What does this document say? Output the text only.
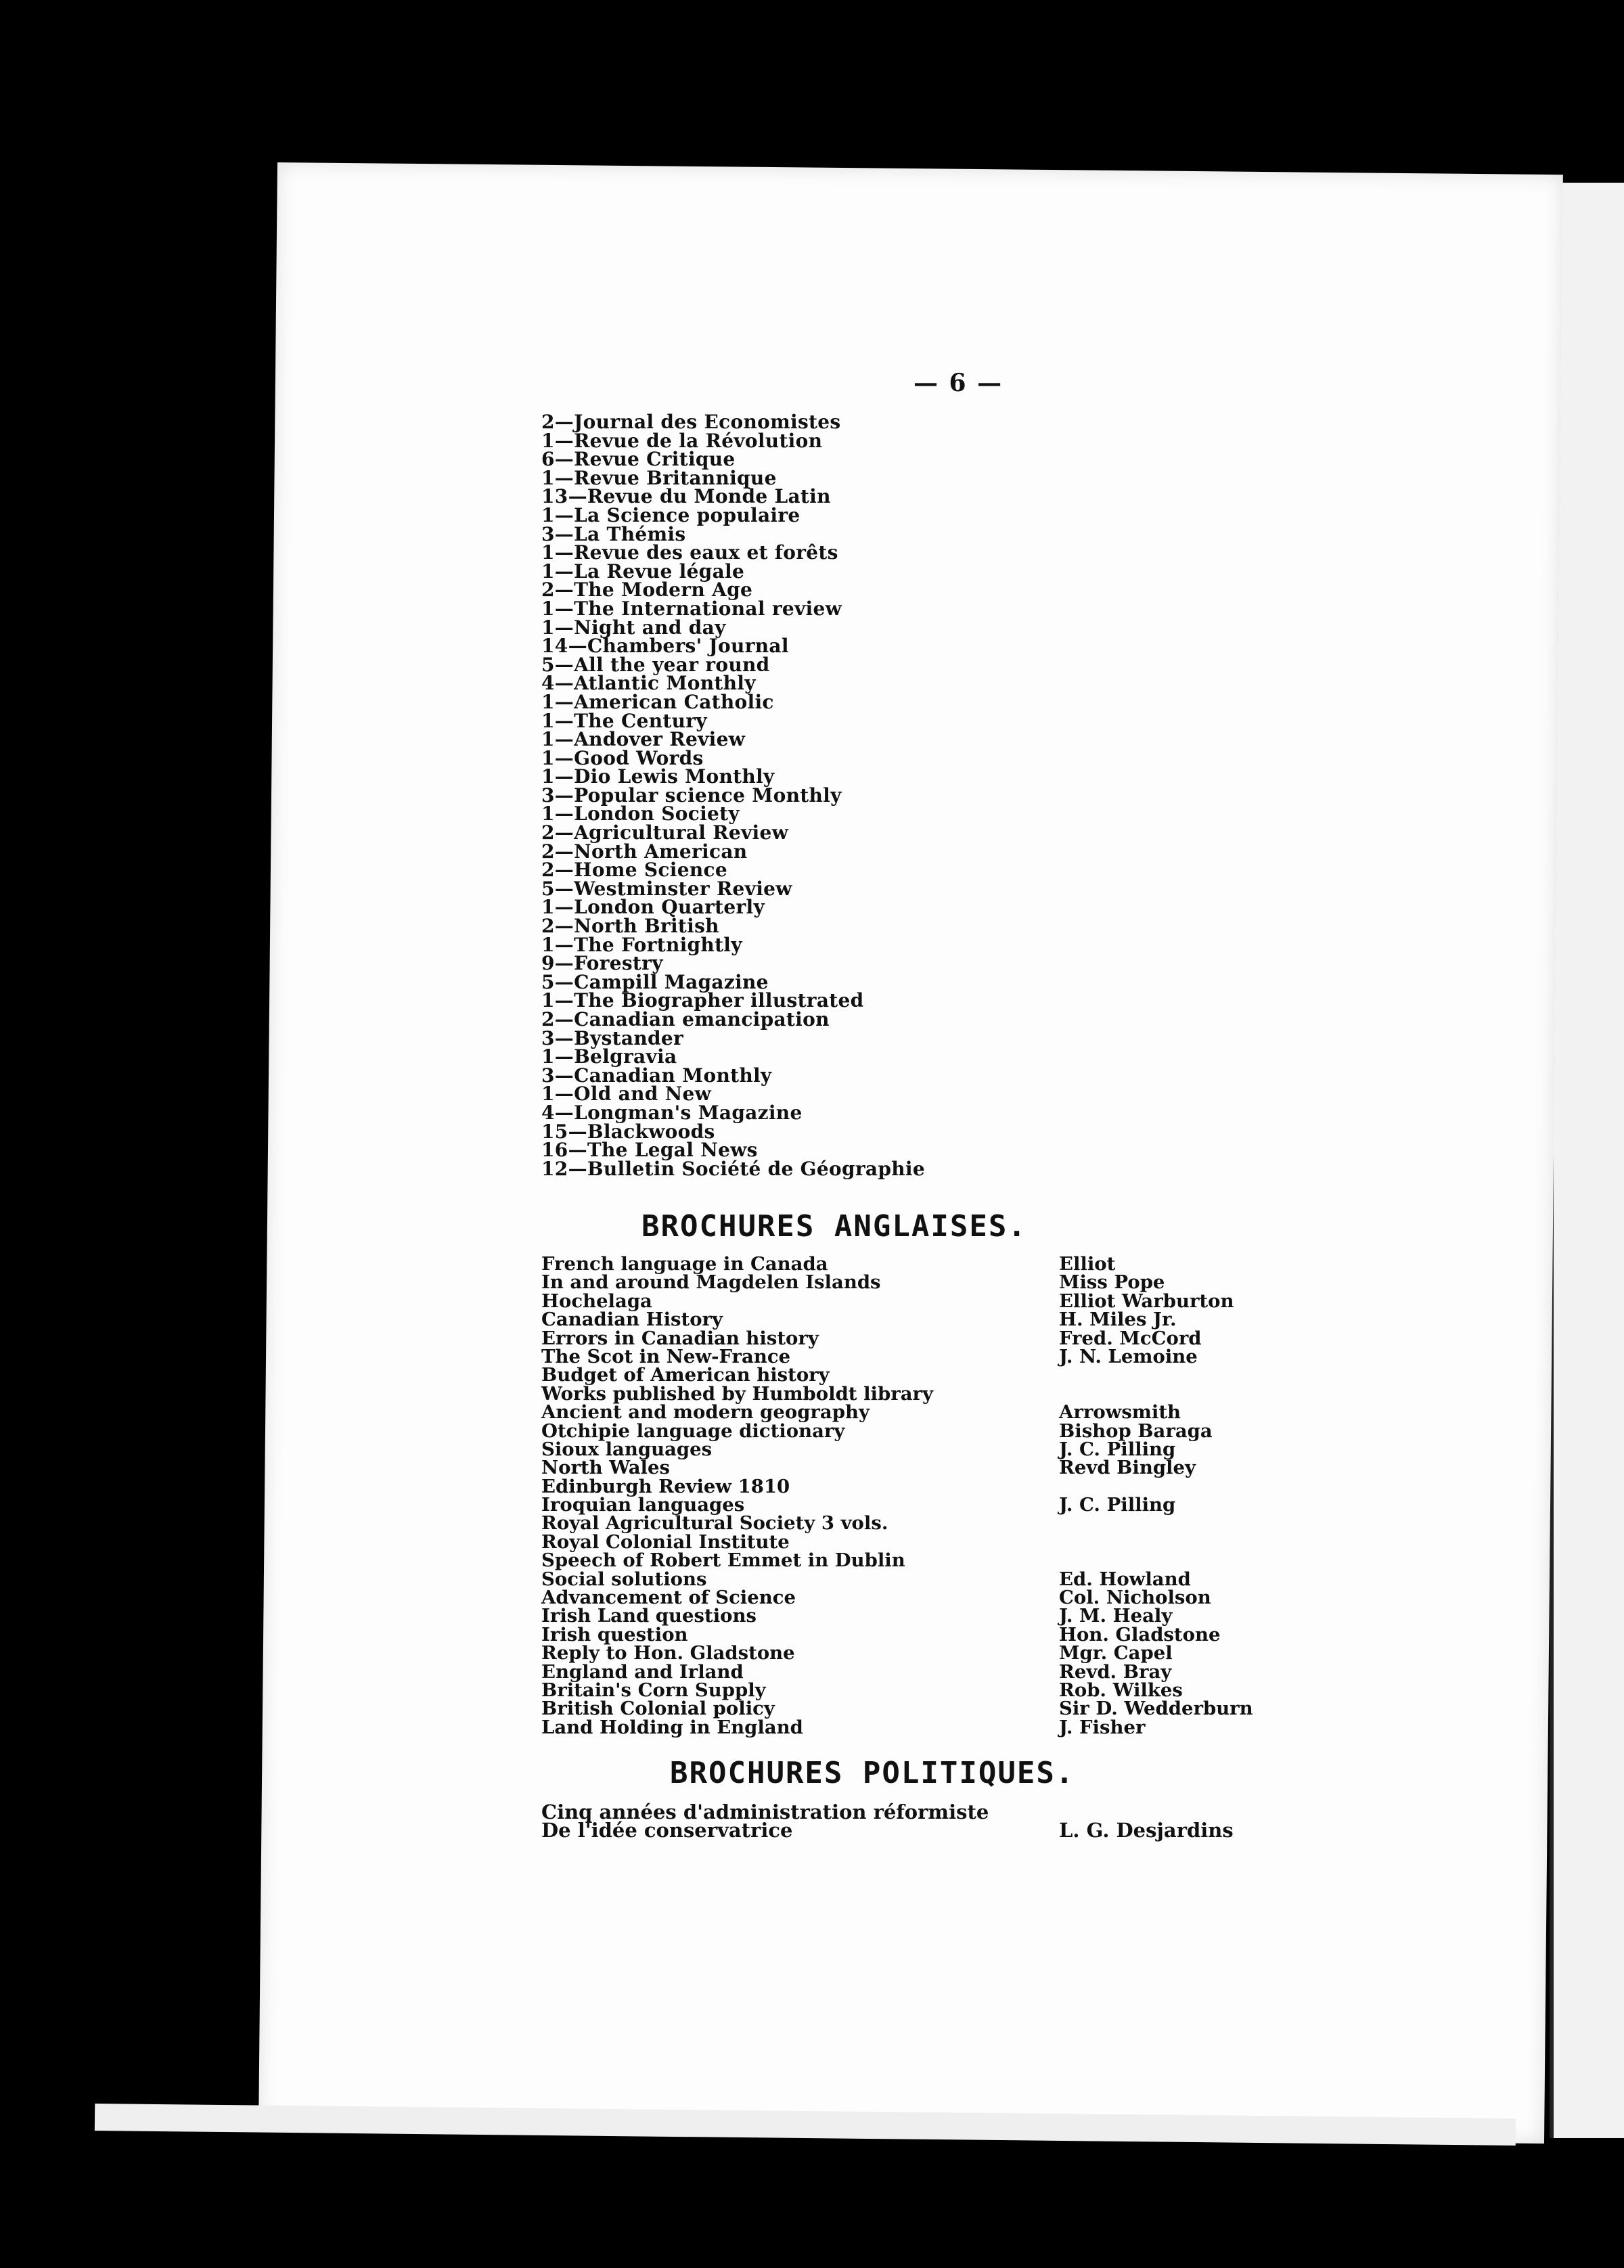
— 6 —
2—Journal des Economistes
1—Revue de la Révolution
6—Revue Critique
1—Revue Britannique
13—Revue du Monde Latin
1—La Science populaire
3—La Thémis
1—Revue des eaux et forêts
1—La Revue légale
2—The Modern Age
1—The International review
1—Night and day
14—Chambers' Journal
5—All the year round
4—Atlantic Monthly
1—American Catholic
1—The Century
1—Andover Review
1—Good Words
1—Dio Lewis Monthly
3—Popular science Monthly
1—London Society
2—Agricultural Review
2—North American
2—Home Science
5—Westminster Review
1—London Quarterly
2—North British
1—The Fortnightly
9—Forestry
5—Campill Magazine
1—The Biographer illustrated
2—Canadian emancipation
3—Bystander
1—Belgravia
3—Canadian Monthly
1—Old and New
4—Longman's Magazine
15—Blackwoods
16—The Legal News
12—Bulletin Société de Géographie
BROCHURES ANGLAISES.
French language in Canada	Elliot
In and around Magdelen Islands	Miss Pope
Hochelaga	Elliot Warburton
Canadian History	H. Miles Jr.
Errors in Canadian history	Fred. McCord
The Scot in New-France	J. N. Lemoine
Budget of American history
Works published by Humboldt library
Ancient and modern geography	Arrowsmith
Otchipie language dictionary	Bishop Baraga
Sioux languages	J. C. Pilling
North Wales	Revd Bingley
Edinburgh Review 1810
Iroquian languages	J. C. Pilling
Royal Agricultural Society 3 vols.
Royal Colonial Institute
Speech of Robert Emmet in Dublin
Social solutions	Ed. Howland
Advancement of Science	Col. Nicholson
Irish Land questions	J. M. Healy
Irish question	Hon. Gladstone
Reply to Hon. Gladstone	Mgr. Capel
England and Irland	Revd. Bray
Britain's Corn Supply	Rob. Wilkes
British Colonial policy	Sir D. Wedderburn
Land Holding in England	J. Fisher
BROCHURES POLITIQUES.
Cinq années d'administration réformiste
De l'idée conservatrice	L. G. Desjardins
